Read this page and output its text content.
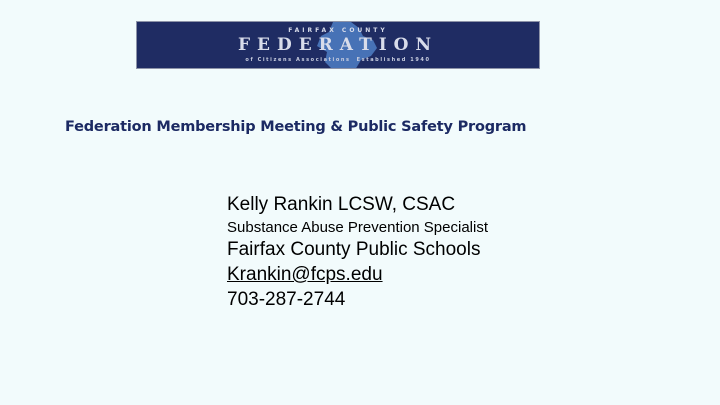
FAIRFAX COUNTY
FEDERATION
of Citizens Associations Established 1940
Federation Membership Meeting & Public Safety Program
Kelly Rankin LCSW, CSAC
Substance Abuse Prevention Specialist
Fairfax County Public Schools
Krankin@fcps.edu
703-287-2744
